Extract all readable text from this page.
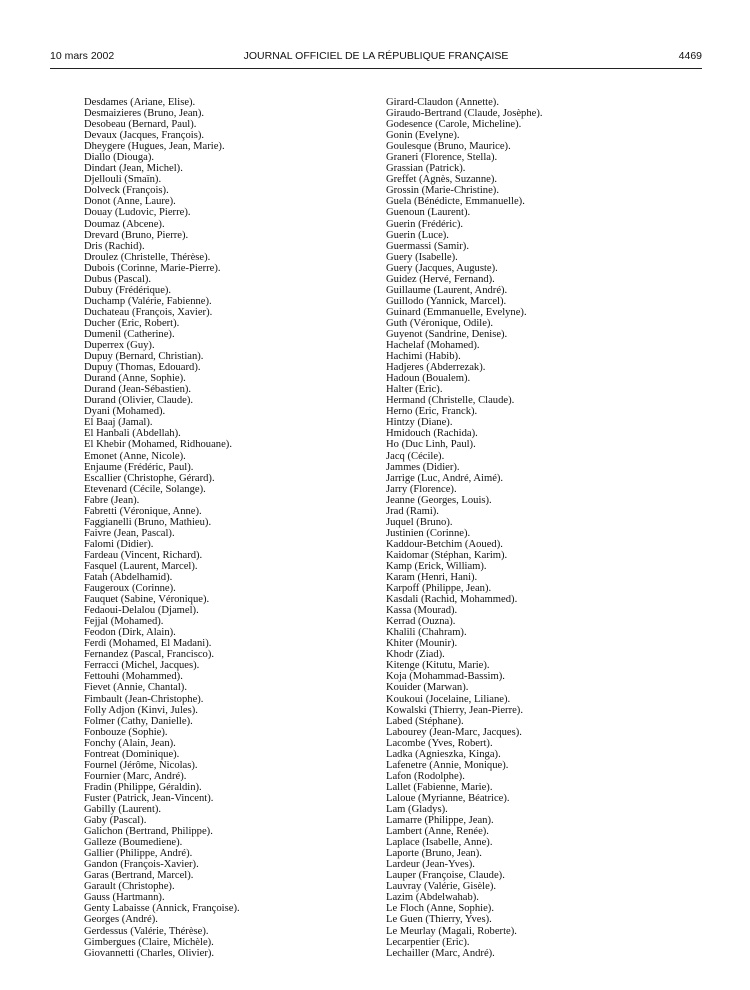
10 mars 2002	JOURNAL OFFICIEL DE LA RÉPUBLIQUE FRANÇAISE	4469
Desdames (Ariane, Elise).
Desmaizieres (Bruno, Jean).
Desobeau (Bernard, Paul).
Devaux (Jacques, François).
Dheygere (Hugues, Jean, Marie).
Diallo (Diouga).
Dindart (Jean, Michel).
Djellouli (Smaïn).
Dolveck (François).
Donot (Anne, Laure).
Douay (Ludovic, Pierre).
Doumaz (Abcene).
Drevard (Bruno, Pierre).
Dris (Rachid).
Droulez (Christelle, Thérèse).
Dubois (Corinne, Marie-Pierre).
Dubus (Pascal).
Dubuy (Frédérique).
Duchamp (Valérie, Fabienne).
Duchateau (François, Xavier).
Ducher (Eric, Robert).
Dumenil (Catherine).
Duperrex (Guy).
Dupuy (Bernard, Christian).
Dupuy (Thomas, Edouard).
Durand (Anne, Sophie).
Durand (Jean-Sébastien).
Durand (Olivier, Claude).
Dyani (Mohamed).
El Baaj (Jamal).
El Hanbali (Abdellah).
El Khebir (Mohamed, Ridhouane).
Emonet (Anne, Nicole).
Enjaume (Frédéric, Paul).
Escallier (Christophe, Gérard).
Etevenard (Cécile, Solange).
Fabre (Jean).
Fabretti (Véronique, Anne).
Faggianelli (Bruno, Mathieu).
Faivre (Jean, Pascal).
Falomi (Didier).
Fardeau (Vincent, Richard).
Fasquel (Laurent, Marcel).
Fatah (Abdelhamid).
Faugeroux (Corinne).
Fauquet (Sabine, Véronique).
Fedaoui-Delalou (Djamel).
Fejjal (Mohamed).
Feodon (Dirk, Alain).
Ferdi (Mohamed, El Madani).
Fernandez (Pascal, Francisco).
Ferracci (Michel, Jacques).
Fettouhi (Mohammed).
Fievet (Annie, Chantal).
Fimbault (Jean-Christophe).
Folly Adjon (Kinvi, Jules).
Folmer (Cathy, Danielle).
Fonbouze (Sophie).
Fonchy (Alain, Jean).
Fontreat (Dominique).
Fournel (Jérôme, Nicolas).
Fournier (Marc, André).
Fradin (Philippe, Géraldin).
Fuster (Patrick, Jean-Vincent).
Gabilly (Laurent).
Gaby (Pascal).
Galichon (Bertrand, Philippe).
Galleze (Boumediene).
Gallier (Philippe, André).
Gandon (François-Xavier).
Garas (Bertrand, Marcel).
Garault (Christophe).
Gauss (Hartmann).
Genty Labaisse (Annick, Françoise).
Georges (André).
Gerdessus (Valérie, Thérèse).
Gimbergues (Claire, Michèle).
Giovannetti (Charles, Olivier).
Girard-Claudon (Annette).
Giraudo-Bertrand (Claude, Josèphe).
Godesence (Carole, Micheline).
Gonin (Evelyne).
Goulesque (Bruno, Maurice).
Graneri (Florence, Stella).
Grassian (Patrick).
Greffet (Agnès, Suzanne).
Grossin (Marie-Christine).
Guela (Bénédicte, Emmanuelle).
Guenoun (Laurent).
Guerin (Frédéric).
Guerin (Luce).
Guermassi (Samir).
Guery (Isabelle).
Guery (Jacques, Auguste).
Guidez (Hervé, Fernand).
Guillaume (Laurent, André).
Guillodo (Yannick, Marcel).
Guinard (Emmanuelle, Evelyne).
Guth (Véronique, Odile).
Guyenot (Sandrine, Denise).
Hachelaf (Mohamed).
Hachimi (Habib).
Hadjeres (Abderrezak).
Hadoun (Boualem).
Halter (Eric).
Hermand (Christelle, Claude).
Herno (Eric, Franck).
Hintzy (Diane).
Hmidouch (Rachida).
Ho (Duc Linh, Paul).
Jacq (Cécile).
Jammes (Didier).
Jarrige (Luc, André, Aimé).
Jarry (Florence).
Jeanne (Georges, Louis).
Jrad (Rami).
Juquel (Bruno).
Justinien (Corinne).
Kaddour-Betchim (Aoued).
Kaidomar (Stéphan, Karim).
Kamp (Erick, William).
Karam (Henri, Hani).
Karpoff (Philippe, Jean).
Kasdali (Rachid, Mohammed).
Kassa (Mourad).
Kerrad (Ouzna).
Khalili (Chahram).
Khiter (Mounir).
Khodr (Ziad).
Kitenge (Kitutu, Marie).
Koja (Mohammad-Bassim).
Kouider (Marwan).
Koukoui (Jocelaine, Liliane).
Kowalski (Thierry, Jean-Pierre).
Labed (Stéphane).
Labourey (Jean-Marc, Jacques).
Lacombe (Yves, Robert).
Ladka (Agnieszka, Kinga).
Lafenetre (Annie, Monique).
Lafon (Rodolphe).
Lallet (Fabienne, Marie).
Laloue (Myrianne, Béatrice).
Lam (Gladys).
Lamarre (Philippe, Jean).
Lambert (Anne, Renée).
Laplace (Isabelle, Anne).
Laporte (Bruno, Jean).
Lardeur (Jean-Yves).
Lauper (Françoise, Claude).
Lauvray (Valérie, Gisèle).
Lazim (Abdelwahab).
Le Floch (Anne, Sophie).
Le Guen (Thierry, Yves).
Le Meurlay (Magali, Roberte).
Lecarpentier (Eric).
Lechailler (Marc, André).
